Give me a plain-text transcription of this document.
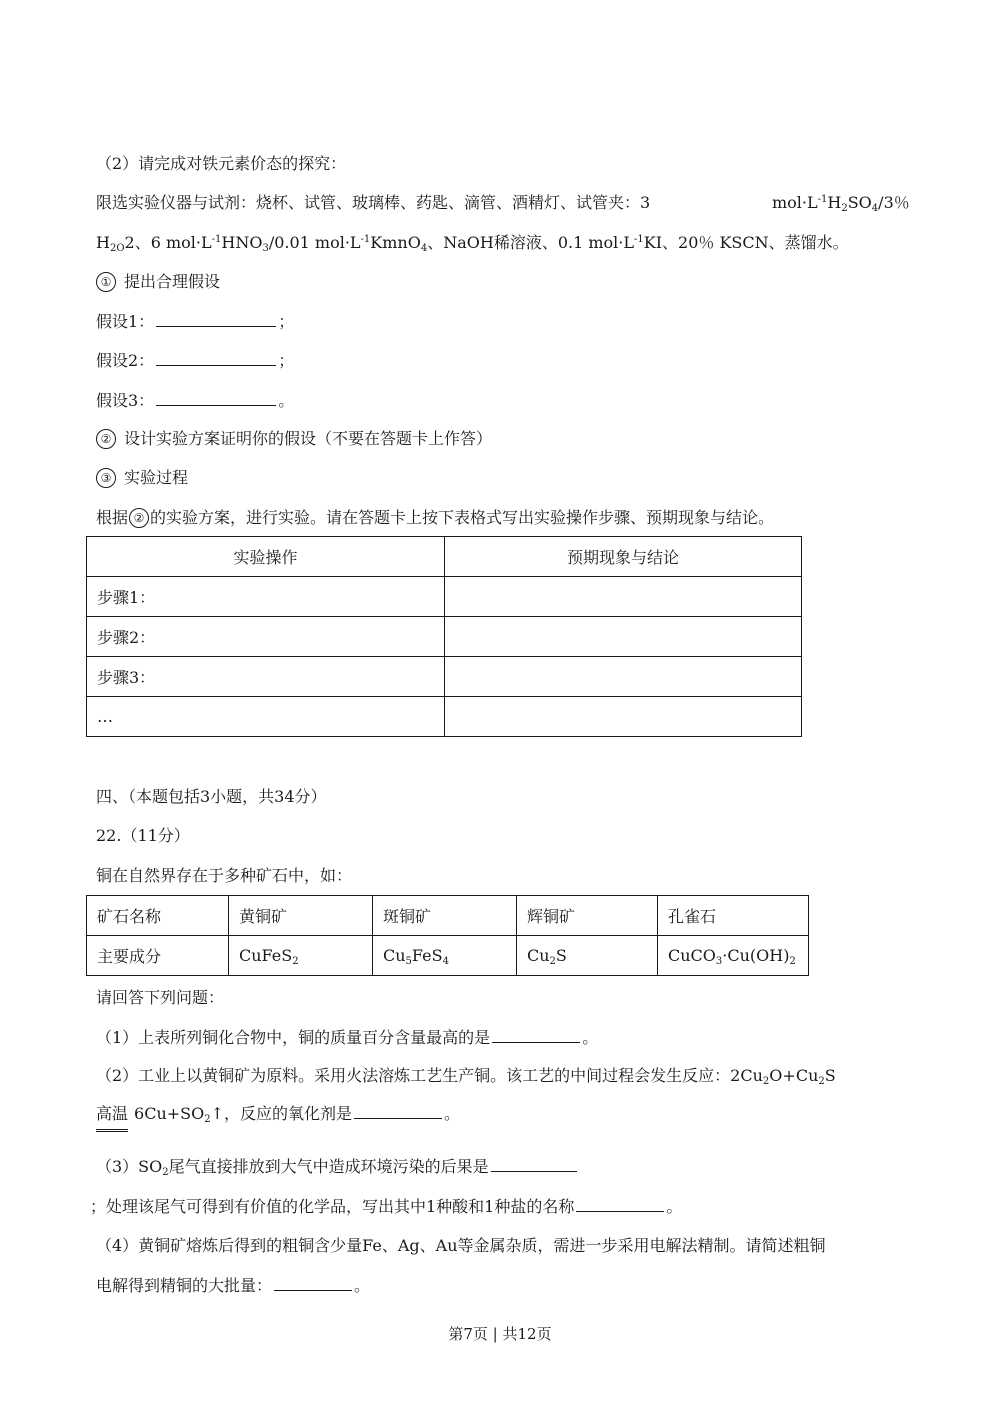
（2）请完成对铁元素价态的探究：
限选实验仪器与试剂：烧杯、试管、玻璃棒、药匙、滴管、酒精灯、试管夹：3	$mol\cdot L^{-1}H_2SO_4/3$％
$H_{2O}2$、6 $mol\cdot L^{-1}HNO_3/0.01$ $mol\cdot L^{-1}KmnO_4$、NaOH稀溶液、0.1 $mol\cdot L^{-1}KI$、20％ KSCN、蒸馏水。
① 提出合理假设
假设1：	；
假设2：	；
假设3：	。
② 设计实验方案证明你的假设（不要在答题卡上作答）
③ 实验过程
根据 ② 的实验方案，进行实验。请在答题卡上按下表格式写出实验操作步骤、预期现象与结论。
实验操作	预期现象与结论
步骤1：	
步骤2：	
步骤3：	
…	
四、（本题包括3小题，共34分）
22.（11分）
铜在自然界存在于多种矿石中，如：
矿石名称	黄铜矿	斑铜矿	辉铜矿	孔雀石
主要成分	CuFeS$_2$	$Cu_5FeS_4$	$Cu_2S$	$CuCO_3\cdot Cu(OH)_2$
请回答下列问题：
（1）上表所列铜化合物中，铜的质量百分含量最高的是	。
（2）工业上以黄铜矿为原料。采用火法溶炼工艺生产铜。该工艺的中间过程会发生反应：$2Cu_2O+Cu_2S$
高温 $6Cu+SO_2↑$，反应的氧化剂是	。
$(3)SO_2$尾气直接排放到大气中造成环境污染的后果是
；处理该尾气可得到有价值的化学品，写出其中1种酸和1种盐的名称	。
（4）黄铜矿熔炼后得到的粗铜含少量Fe、Ag、Au等金属杂质，需进一步采用电解法精制。请简述粗铜
电解得到精铜的大批量：	。
第7页 | 共12页
